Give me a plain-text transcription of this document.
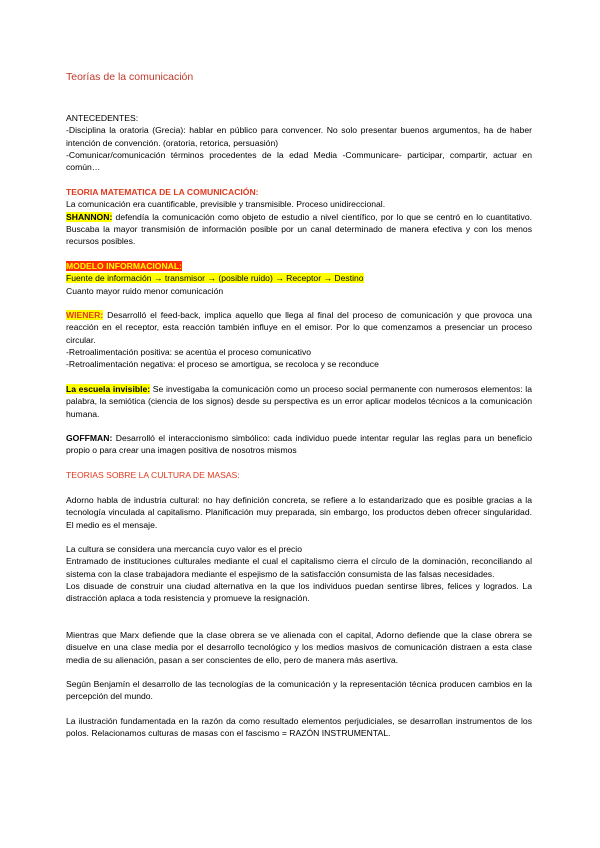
Teorías de la comunicación

ANTECEDENTES:

-Disciplina la oratoria (Grecia): hablar en público para convencer. No solo presentar buenos argumentos, ha de haber intención de convención. (oratoria, retorica, persuasión)

-Comunicar/comunicación términos procedentes de la edad Media -Communicare- participar, compartir, actuar en común…

TEORIA MATEMATICA DE LA COMUNICACIÓN:

La comunicación era cuantificable, previsible y transmisible. Proceso unidireccional.

SHANNON: defendía la comunicación como objeto de estudio a nivel científico, por lo que se centró en lo cuantitativo. Buscaba la mayor transmisión de información posible por un canal determinado de manera efectiva y con los menos recursos posibles.

MODELO INFORMACIONAL:

Fuente de información → transmisor → (posible ruido) → Receptor → Destino

Cuanto mayor ruido menor comunicación

WIENER: Desarrolló el feed-back, implica aquello que llega al final del proceso de comunicación y que provoca una reacción en el receptor, esta reacción también influye en el emisor. Por lo que comenzamos a presenciar un proceso circular.

-Retroalimentación positiva: se acentúa el proceso comunicativo

-Retroalimentación negativa: el proceso se amortigua, se recoloca y se reconduce

La escuela invisible: Se investigaba la comunicación como un proceso social permanente con numerosos elementos: la palabra, la semiótica (ciencia de los signos) desde su perspectiva es un error aplicar modelos técnicos a la comunicación humana.

GOFFMAN: Desarrolló el interaccionismo simbólico: cada individuo puede intentar regular las reglas para un beneficio propio o para crear una imagen positiva de nosotros mismos

TEORIAS SOBRE LA CULTURA DE MASAS:

Adorno habla de industria cultural: no hay definición concreta, se refiere a lo estandarizado que es posible gracias a la tecnología vinculada al capitalismo. Planificación muy preparada, sin embargo, los productos deben ofrecer singularidad. El medio es el mensaje.

La cultura se considera una mercancía cuyo valor es el precio

Entramado de instituciones culturales mediante el cual el capitalismo cierra el círculo de la dominación, reconciliando al sistema con la clase trabajadora mediante el espejismo de la satisfacción consumista de las falsas necesidades.

Los disuade de construir una ciudad alternativa en la que los individuos puedan sentirse libres, felices y logrados. La distracción aplaca a toda resistencia y promueve la resignación.

Mientras que Marx defiende que la clase obrera se ve alienada con el capital, Adorno defiende que la clase obrera se disuelve en una clase media por el desarrollo tecnológico y los medios masivos de comunicación distraen a esta clase media de su alienación, pasan a ser conscientes de ello, pero de manera más asertiva.

Según Benjamín el desarrollo de las tecnologías de la comunicación y la representación técnica producen cambios en la percepción del mundo.

La ilustración fundamentada en la razón da como resultado elementos perjudiciales, se desarrollan instrumentos de los polos. Relacionamos culturas de masas con el fascismo = RAZÓN INSTRUMENTAL.
